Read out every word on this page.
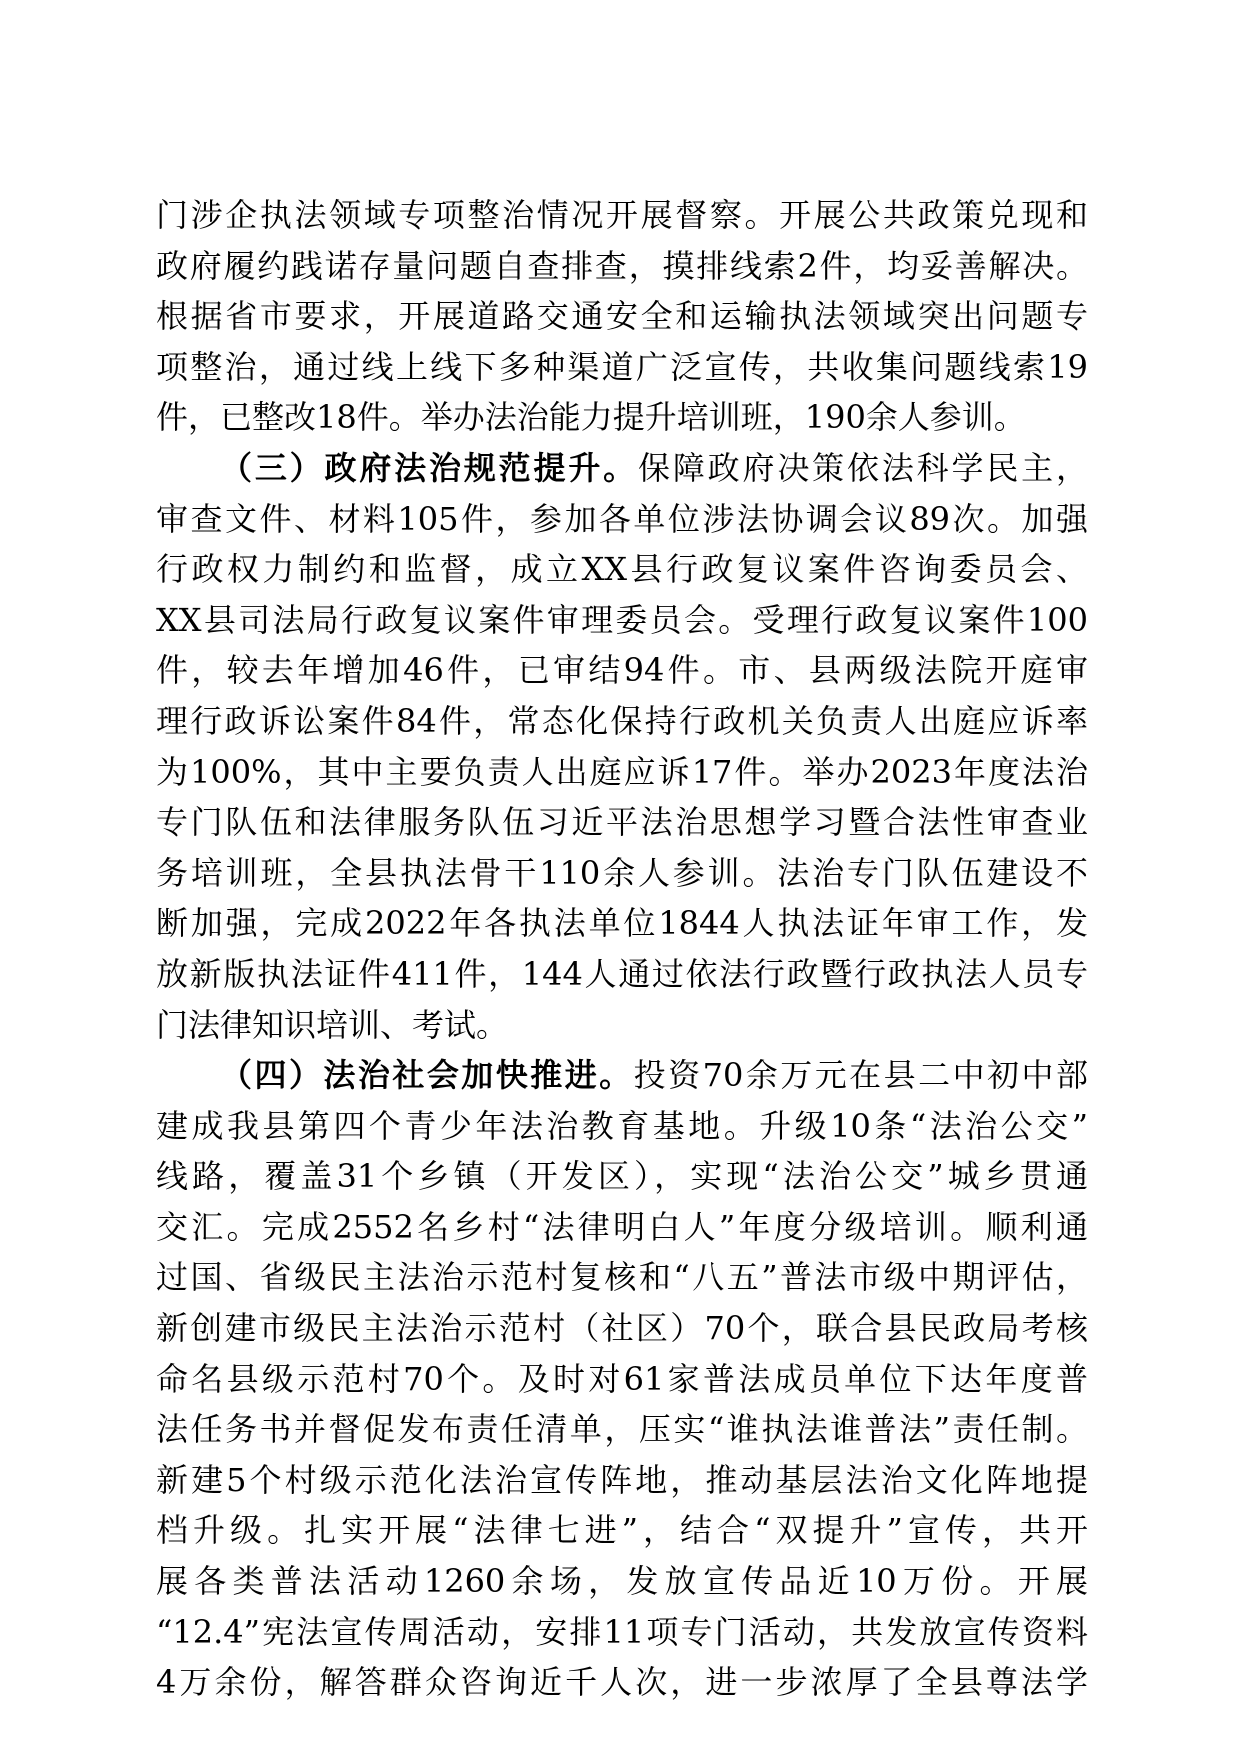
门涉企执法领域专项整治情况开展督察。开展公共政策兑现和
政府履约践诺存量问题自查排查，摸排线索2件，均妥善解决。
根据省市要求，开展道路交通安全和运输执法领域突出问题专
项整治，通过线上线下多种渠道广泛宣传，共收集问题线索19
件，已整改18件。举办法治能力提升培训班，190余人参训。
（三）政府法治规范提升。保障政府决策依法科学民主，
审查文件、材料105件，参加各单位涉法协调会议89次。加强
行政权力制约和监督，成立XX县行政复议案件咨询委员会、
XX县司法局行政复议案件审理委员会。受理行政复议案件100
件，较去年增加46件，已审结94件。市、县两级法院开庭审
理行政诉讼案件84件，常态化保持行政机关负责人出庭应诉率
为100%，其中主要负责人出庭应诉17件。举办2023年度法治
专门队伍和法律服务队伍习近平法治思想学习暨合法性审查业
务培训班，全县执法骨干110余人参训。法治专门队伍建设不
断加强，完成2022年各执法单位1844人执法证年审工作，发
放新版执法证件411件，144人通过依法行政暨行政执法人员专
门法律知识培训、考试。
（四）法治社会加快推进。投资70余万元在县二中初中部
建成我县第四个青少年法治教育基地。升级10条“法治公交”
线路，覆盖31个乡镇（开发区），实现“法治公交”城乡贯通
交汇。完成2552名乡村“法律明白人”年度分级培训。顺利通
过国、省级民主法治示范村复核和“八五”普法市级中期评估，
新创建市级民主法治示范村（社区）70个，联合县民政局考核
命名县级示范村70个。及时对61家普法成员单位下达年度普
法任务书并督促发布责任清单，压实“谁执法谁普法”责任制。
新建5个村级示范化法治宣传阵地，推动基层法治文化阵地提
档升级。扎实开展“法律七进”，结合“双提升”宣传，共开
展各类普法活动1260余场，发放宣传品近10万份。开展
“12.4”宪法宣传周活动，安排11项专门活动，共发放宣传资料
4万余份，解答群众咨询近千人次，进一步浓厚了全县尊法学
